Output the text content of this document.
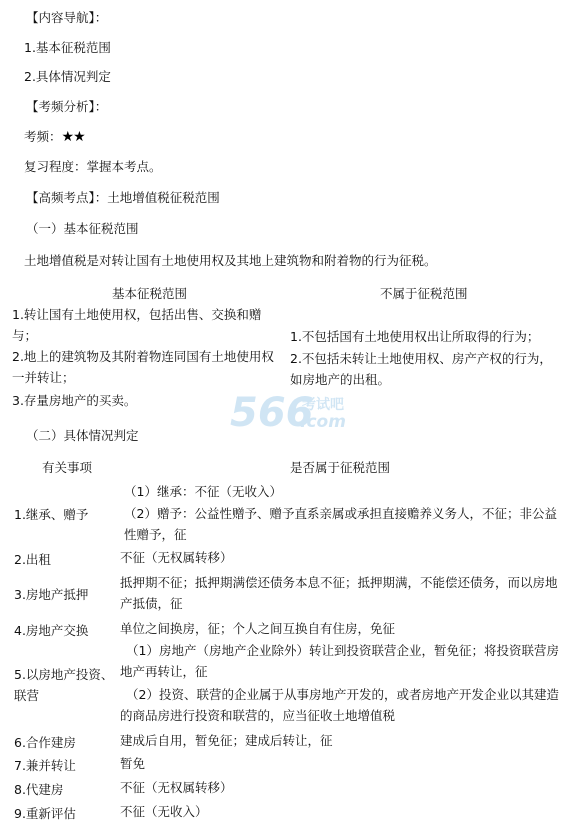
566
考试吧
.com
【内容导航】：
1.基本征税范围
2.具体情况判定
【考频分析】：
考频：★★
复习程度：掌握本考点。
【高频考点】：土地增值税征税范围
（一）基本征税范围
土地增值税是对转让国有土地使用权及其地上建筑物和附着物的行为征税。
基本征税范围	不属于征税范围
1.转让国有土地使用权，包括出售、交换和赠与；
2.地上的建筑物及其附着物连同国有土地使用权一并转让；
3.存量房地产的买卖。
1.不包括国有土地使用权出让所取得的行为；
2.不包括未转让土地使用权、房产产权的行为，如房地产的出租。
（二）具体情况判定
有关事项	是否属于征税范围
1.继承、赠予
（1）继承：不征（无收入）
（2）赠予：公益性赠予、赠予直系亲属或承担直接赡养义务人，不征；非公益性赠予，征
2.出租	不征（无权属转移）
3.房地产抵押
抵押期不征；抵押期满偿还债务本息不征；抵押期满，不能偿还债务，而以房地产抵债，征
4.房地产交换	单位之间换房，征；个人之间互换自有住房，免征
5.以房地产投资、联营
（1）房地产（房地产企业除外）转让到投资联营企业，暂免征；将投资联营房地产再转让，征
（2）投资、联营的企业属于从事房地产开发的，或者房地产开发企业以其建造的商品房进行投资和联营的，应当征收土地增值税
6.合作建房	建成后自用，暂免征；建成后转让，征
7.兼并转让	暂免
8.代建房	不征（无权属转移）
9.重新评估	不征（无收入）
